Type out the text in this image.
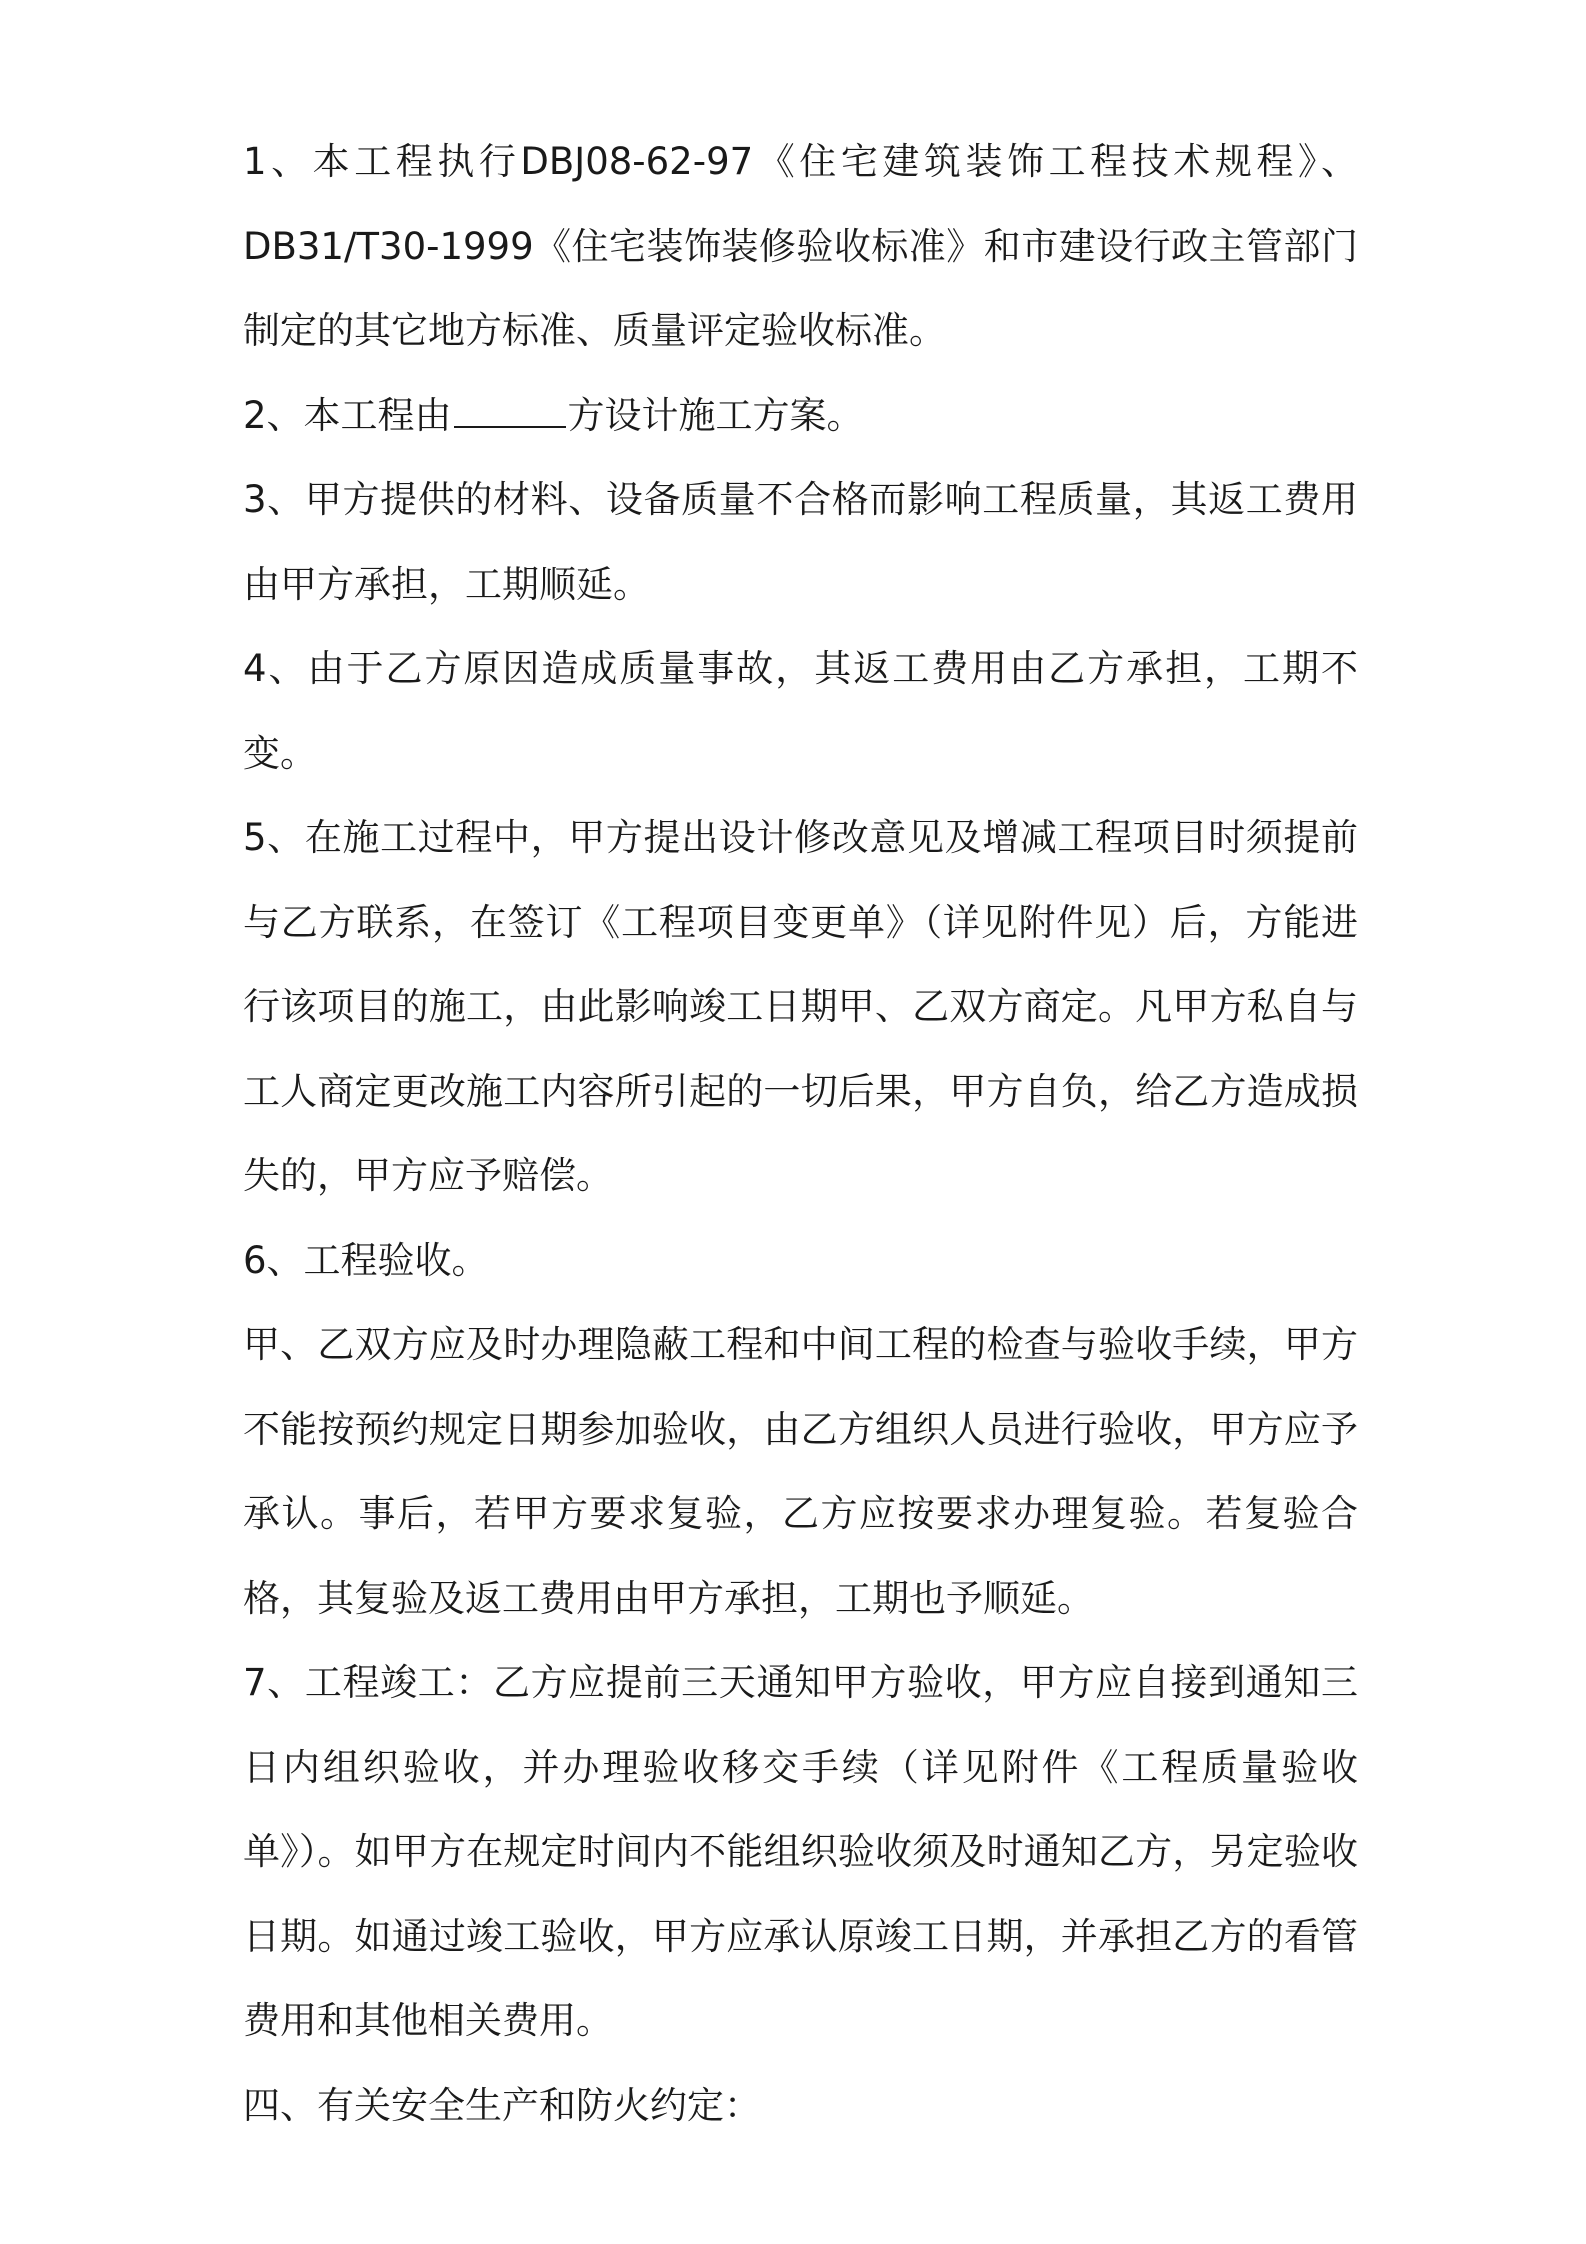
1、本工程执行DBJ08-62-97《住宅建筑装饰工程技术规程》、DB31/T30-1999《住宅装饰装修验收标准》和市建设行政主管部门制定的其它地方标准、质量评定验收标准。

2、本工程由	方设计施工方案。

3、甲方提供的材料、设备质量不合格而影响工程质量，其返工费用由甲方承担，工期顺延。

4、由于乙方原因造成质量事故，其返工费用由乙方承担，工期不变。

5、在施工过程中，甲方提出设计修改意见及增减工程项目时须提前与乙方联系，在签订《工程项目变更单》（详见附件见）后，方能进行该项目的施工，由此影响竣工日期甲、乙双方商定。凡甲方私自与工人商定更改施工内容所引起的一切后果，甲方自负，给乙方造成损失的，甲方应予赔偿。

6、工程验收。

甲、乙双方应及时办理隐蔽工程和中间工程的检查与验收手续，甲方不能按预约规定日期参加验收，由乙方组织人员进行验收，甲方应予承认。事后，若甲方要求复验，乙方应按要求办理复验。若复验合格，其复验及返工费用由甲方承担，工期也予顺延。

7、工程竣工：乙方应提前三天通知甲方验收，甲方应自接到通知三日内组织验收，并办理验收移交手续（详见附件《工程质量验收单》）。如甲方在规定时间内不能组织验收须及时通知乙方，另定验收日期。如通过竣工验收，甲方应承认原竣工日期，并承担乙方的看管费用和其他相关费用。

四、有关安全生产和防火约定：
